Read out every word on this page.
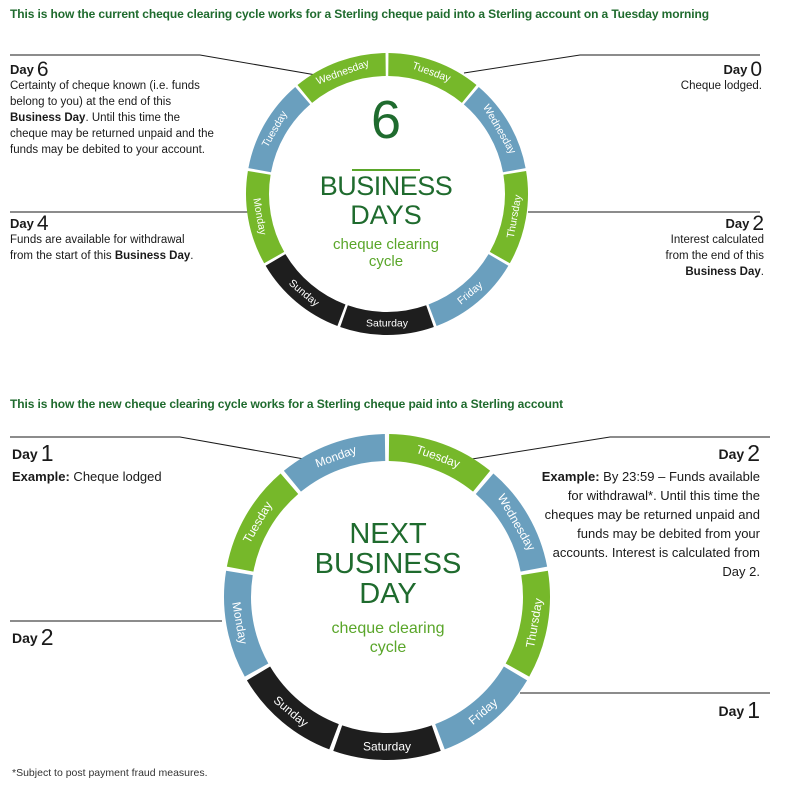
This is how the current cheque clearing cycle works for a Sterling cheque paid into a Sterling account on a Tuesday morning
This is how the new cheque clearing cycle works for a Sterling cheque paid into a Sterling account
Tuesday
Wednesday
Thursday
Friday
Saturday
Sunday
Monday
Tuesday
Wednesday
Tuesday
Wednesday
Thursday
Friday
Saturday
Sunday
Monday
Tuesday
Monday
6
BUSINESS
DAYS
cheque clearing
cycle
NEXT
BUSINESS
DAY
cheque clearing
cycle
Day 6
Certainty of cheque known (i.e. funds belong to you) at the end of this Business Day. Until this time the cheque may be returned unpaid and the funds may be debited to your account.
Day 0
Cheque lodged.
Day 4
Funds are available for withdrawal from the start of this Business Day.
Day 2
Interest calculated from the end of this Business Day.
Day 1
Example: Cheque lodged
Day 2
Example: By 23:59 – Funds available for withdrawal*. Until this time the cheques may be returned unpaid and funds may be debited from your accounts. Interest is calculated from Day 2.
Day 2
Day 1
*Subject to post payment fraud measures.
